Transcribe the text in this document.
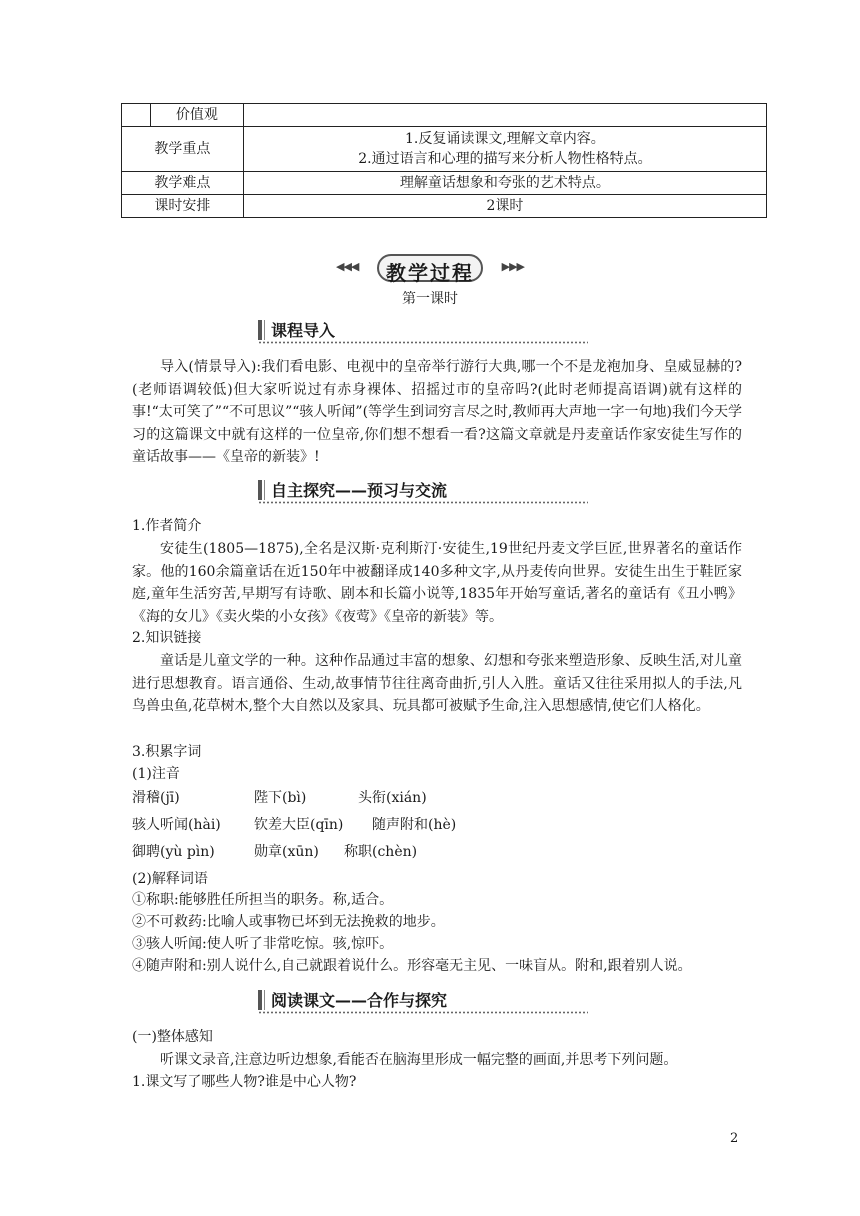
	价值观	

教学重点		1.反复诵读课文,理解文章内容。
2.通过语言和心理的描写来分析人物性格特点。

教学难点		理解童话想象和夸张的艺术特点。

课时安排		2课时
◀◀◀	教学过程	▶▶▶
第一课时
课程导入
导入(情景导入):我们看电影、电视中的皇帝举行游行大典,哪一个不是龙袍加身、皇威显赫的?(老师语调较低)但大家听说过有赤身裸体、招摇过市的皇帝吗?(此时老师提高语调)就有这样的事!“太可笑了”“不可思议”“骇人听闻”(等学生到词穷言尽之时,教师再大声地一字一句地)我们今天学习的这篇课文中就有这样的一位皇帝,你们想不想看一看?这篇文章就是丹麦童话作家安徒生写作的童话故事——《皇帝的新装》!
自主探究——预习与交流
1.作者简介
安徒生(1805—1875),全名是汉斯·克利斯汀·安徒生,19世纪丹麦文学巨匠,世界著名的童话作家。他的160余篇童话在近150年中被翻译成140多种文字,从丹麦传向世界。安徒生出生于鞋匠家庭,童年生活穷苦,早期写有诗歌、剧本和长篇小说等,1835年开始写童话,著名的童话有《丑小鸭》《海的女儿》《卖火柴的小女孩》《夜莺》《皇帝的新装》等。
2.知识链接
童话是儿童文学的一种。这种作品通过丰富的想象、幻想和夸张来塑造形象、反映生活,对儿童进行思想教育。语言通俗、生动,故事情节往往离奇曲折,引人入胜。童话又往往采用拟人的手法,凡鸟兽虫鱼,花草树木,整个大自然以及家具、玩具都可被赋予生命,注入思想感情,使它们人格化。
3.积累字词
(1)注音
滑稽(jī)	陛下(bì)	头衔(xián)
骇人听闻(hài) 钦差大臣(qīn) 随声附和(hè)
御聘(yù pìn)	勋章(xūn) 称职(chèn)
(2)解释词语
①称职:能够胜任所担当的职务。称,适合。
②不可救药:比喻人或事物已坏到无法挽救的地步。
③骇人听闻:使人听了非常吃惊。骇,惊吓。
④随声附和:别人说什么,自己就跟着说什么。形容毫无主见、一味盲从。附和,跟着别人说。
阅读课文——合作与探究
(一)整体感知
听课文录音,注意边听边想象,看能否在脑海里形成一幅完整的画面,并思考下列问题。
1.课文写了哪些人物?谁是中心人物?
2
